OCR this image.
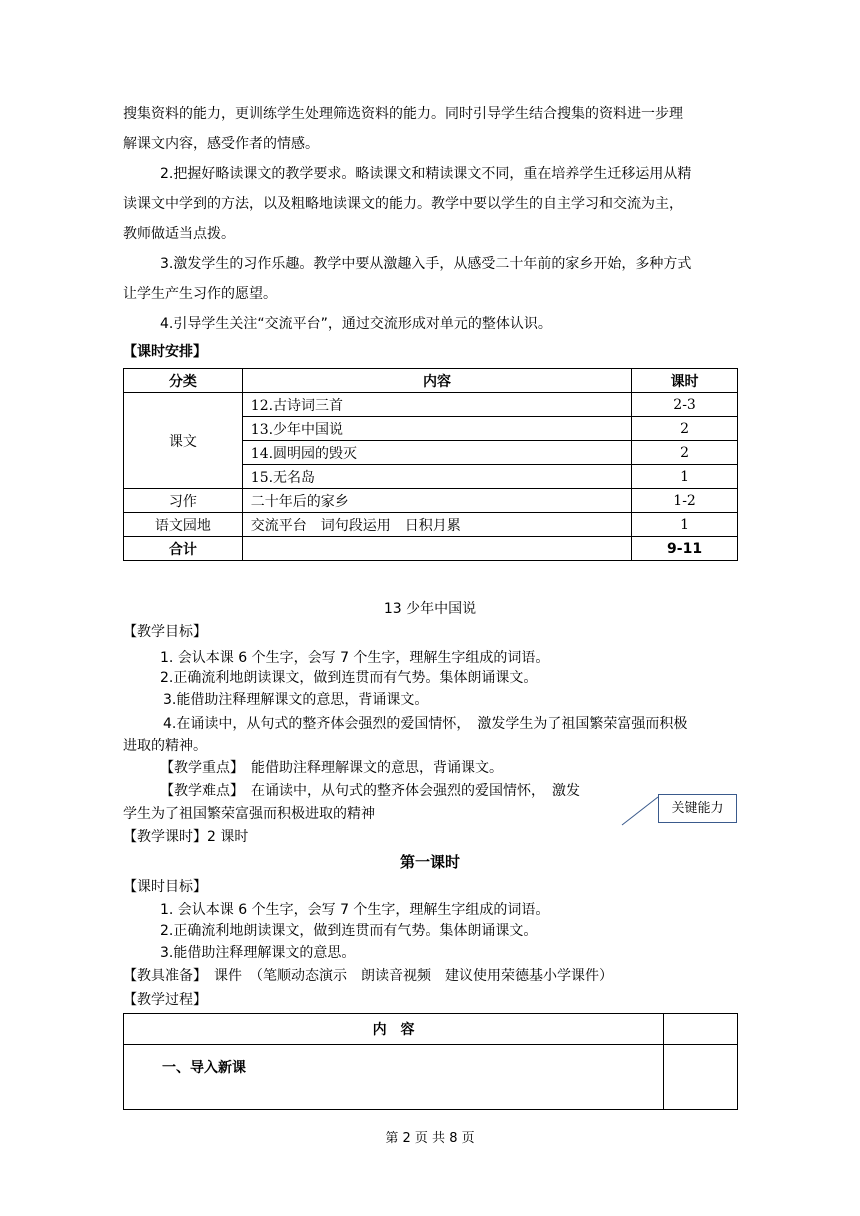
搜集资料的能力，更训练学生处理筛选资料的能力。同时引导学生结合搜集的资料进一步理
解课文内容，感受作者的情感。
2.把握好略读课文的教学要求。略读课文和精读课文不同，重在培养学生迁移运用从精
读课文中学到的方法，以及粗略地读课文的能力。教学中要以学生的自主学习和交流为主，
教师做适当点拨。
3.激发学生的习作乐趣。教学中要从激趣入手，从感受二十年前的家乡开始，多种方式
让学生产生习作的愿望。
4.引导学生关注“交流平台”，通过交流形成对单元的整体认识。
【课时安排】
分类	内容	课时
课文	12.古诗词三首	2-3
	13.少年中国说	2
	14.圆明园的毁灭	2
	15.无名岛	1
习作	二十年后的家乡	1-2
语文园地	交流平台　词句段运用　日积月累	1
合计		9-11
13 少年中国说
【教学目标】
1. 会认本课 6 个生字，会写 7 个生字，理解生字组成的词语。
2.正确流利地朗读课文，做到连贯而有气势。集体朗诵课文。
3.能借助注释理解课文的意思，背诵课文。
4.在诵读中，从句式的整齐体会强烈的爱国情怀，　激发学生为了祖国繁荣富强而积极
进取的精神。
【教学重点】　能借助注释理解课文的意思，背诵课文。
【教学难点】　在诵读中，从句式的整齐体会强烈的爱国情怀，　激发
学生为了祖国繁荣富强而积极进取的精神	关键能力
【教学课时】2 课时
第一课时
【课时目标】
1. 会认本课 6 个生字，会写 7 个生字，理解生字组成的词语。
2.正确流利地朗读课文，做到连贯而有气势。集体朗诵课文。
3.能借助注释理解课文的意思。
【教具准备】　课件　（笔顺动态演示　朗读音视频　建议使用荣德基小学课件）
【教学过程】
内　容	
一、导入新课	
第 2 页 共 8 页
